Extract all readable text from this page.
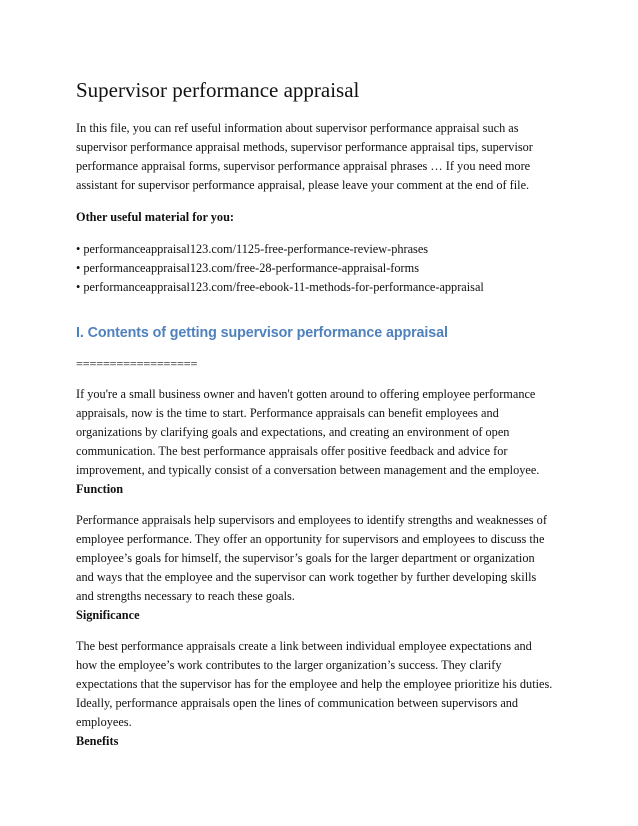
Supervisor performance appraisal

In this file, you can ref useful information about supervisor performance appraisal such as
supervisor performance appraisal methods, supervisor performance appraisal tips, supervisor
performance appraisal forms, supervisor performance appraisal phrases … If you need more
assistant for supervisor performance appraisal, please leave your comment at the end of file.

Other useful material for you:
• performanceappraisal123.com/1125-free-performance-review-phrases
• performanceappraisal123.com/free-28-performance-appraisal-forms
• performanceappraisal123.com/free-ebook-11-methods-for-performance-appraisal
I. Contents of getting supervisor performance appraisal
==================

If you're a small business owner and haven't gotten around to offering employee performance
appraisals, now is the time to start. Performance appraisals can benefit employees and
organizations by clarifying goals and expectations, and creating an environment of open
communication. The best performance appraisals offer positive feedback and advice for
improvement, and typically consist of a conversation between management and the employee.

Function

Performance appraisals help supervisors and employees to identify strengths and weaknesses of
employee performance. They offer an opportunity for supervisors and employees to discuss the
employee’s goals for himself, the supervisor’s goals for the larger department or organization
and ways that the employee and the supervisor can work together by further developing skills
and strengths necessary to reach these goals.

Significance

The best performance appraisals create a link between individual employee expectations and
how the employee’s work contributes to the larger organization’s success. They clarify
expectations that the supervisor has for the employee and help the employee prioritize his duties.
Ideally, performance appraisals open the lines of communication between supervisors and
employees.

Benefits
